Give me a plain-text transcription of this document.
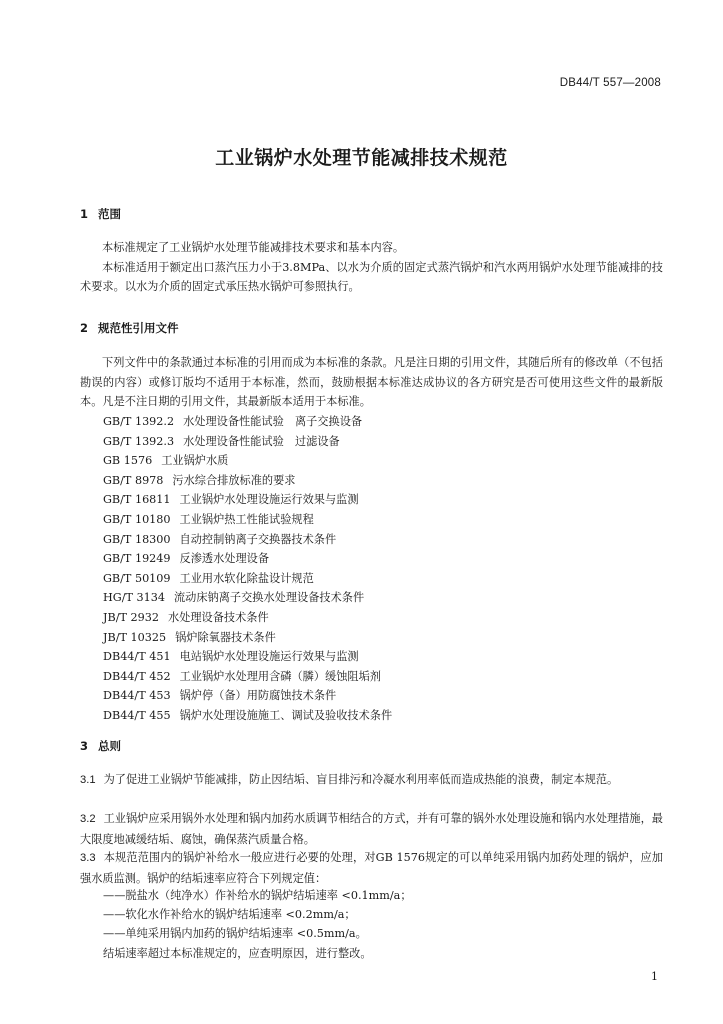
DB44/T 557—2008
工业锅炉水处理节能减排技术规范
1 范围

本标准规定了工业锅炉水处理节能减排技术要求和基本内容。

本标准适用于额定出口蒸汽压力小于3.8MPa、以水为介质的固定式蒸汽锅炉和汽水两用锅炉水处理节能减排的技术要求。以水为介质的固定式承压热水锅炉可参照执行。

2 规范性引用文件

下列文件中的条款通过本标准的引用而成为本标准的条款。凡是注日期的引用文件，其随后所有的修改单（不包括勘误的内容）或修订版均不适用于本标准，然而，鼓励根据本标准达成协议的各方研究是否可使用这些文件的最新版本。凡是不注日期的引用文件，其最新版本适用于本标准。

GB/T 1392.2 水处理设备性能试验　离子交换设备
GB/T 1392.3 水处理设备性能试验　过滤设备
GB 1576 工业锅炉水质
GB/T 8978 污水综合排放标准的要求
GB/T 16811 工业锅炉水处理设施运行效果与监测
GB/T 10180 工业锅炉热工性能试验规程
GB/T 18300 自动控制钠离子交换器技术条件
GB/T 19249 反渗透水处理设备
GB/T 50109 工业用水软化除盐设计规范
HG/T 3134 流动床钠离子交换水处理设备技术条件
JB/T 2932 水处理设备技术条件
JB/T 10325 锅炉除氧器技术条件
DB44/T 451 电站锅炉水处理设施运行效果与监测
DB44/T 452 工业锅炉水处理用含磷（膦）缓蚀阻垢剂
DB44/T 453 锅炉停（备）用防腐蚀技术条件
DB44/T 455 锅炉水处理设施施工、调试及验收技术条件
3 总则
3.1 为了促进工业锅炉节能减排，防止因结垢、盲目排污和冷凝水利用率低而造成热能的浪费，制定本规范。
3.2 工业锅炉应采用锅外水处理和锅内加药水质调节相结合的方式，并有可靠的锅外水处理设施和锅内水处理措施，最大限度地减缓结垢、腐蚀，确保蒸汽质量合格。
3.3 本规范范围内的锅炉补给水一般应进行必要的处理，对GB 1576规定的可以单纯采用锅内加药处理的锅炉，应加强水质监测。锅炉的结垢速率应符合下列规定值：
——脱盐水（纯净水）作补给水的锅炉结垢速率 <0.1mm/a；
——软化水作补给水的锅炉结垢速率 <0.2mm/a；
——单纯采用锅内加药的锅炉结垢速率 <0.5mm/a。
结垢速率超过本标准规定的，应查明原因，进行整改。
1
